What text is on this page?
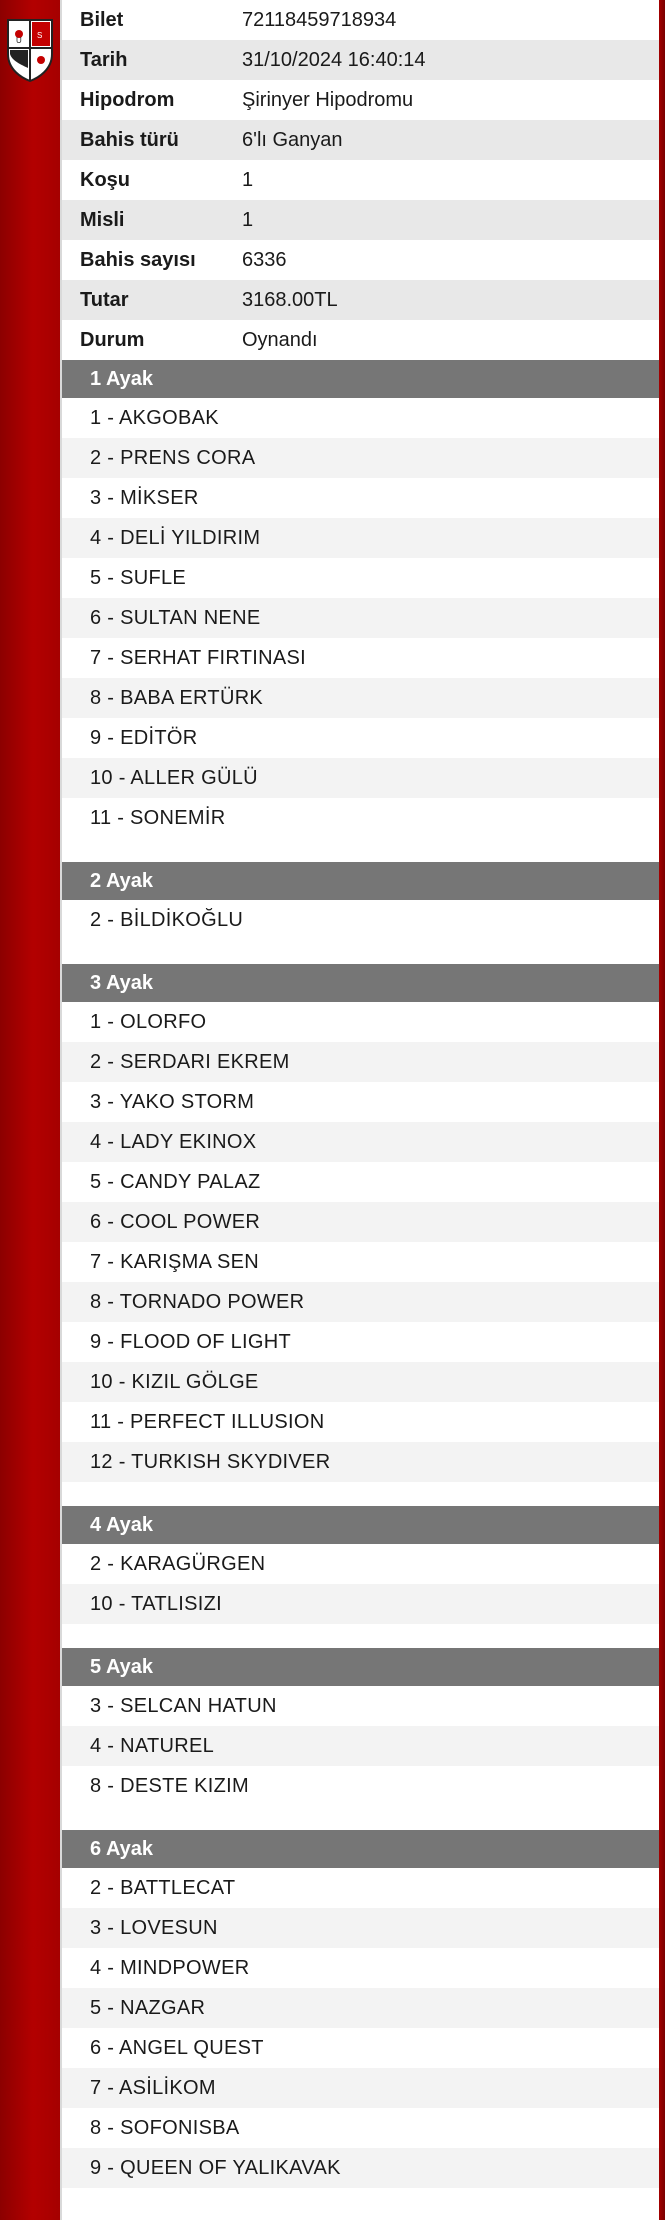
U
S
Bilet	72118459718934
Tarih	31/10/2024 16:40:14
Hipodrom	Şirinyer Hipodromu
Bahis türü	6'lı Ganyan
Koşu	1
Misli	1
Bahis sayısı	6336
Tutar	3168.00TL
Durum	Oynandı
1 Ayak
1 - AKGOBAK
2 - PRENS CORA
3 - MİKSER
4 - DELİ YILDIRIM
5 - SUFLE
6 - SULTAN NENE
7 - SERHAT FIRTINASI
8 - BABA ERTÜRK
9 - EDİTÖR
10 - ALLER GÜLÜ
11 - SONEMİR
2 Ayak
2 - BİLDİKOĞLU
3 Ayak
1 - OLORFO
2 - SERDARI EKREM
3 - YAKO STORM
4 - LADY EKINOX
5 - CANDY PALAZ
6 - COOL POWER
7 - KARIŞMA SEN
8 - TORNADO POWER
9 - FLOOD OF LIGHT
10 - KIZIL GÖLGE
11 - PERFECT ILLUSION
12 - TURKISH SKYDIVER
4 Ayak
2 - KARAGÜRGEN
10 - TATLISIZI
5 Ayak
3 - SELCAN HATUN
4 - NATUREL
8 - DESTE KIZIM
6 Ayak
2 - BATTLECAT
3 - LOVESUN
4 - MINDPOWER
5 - NAZGAR
6 - ANGEL QUEST
7 - ASİLİKOM
8 - SOFONISBA
9 - QUEEN OF YALIKAVAK
